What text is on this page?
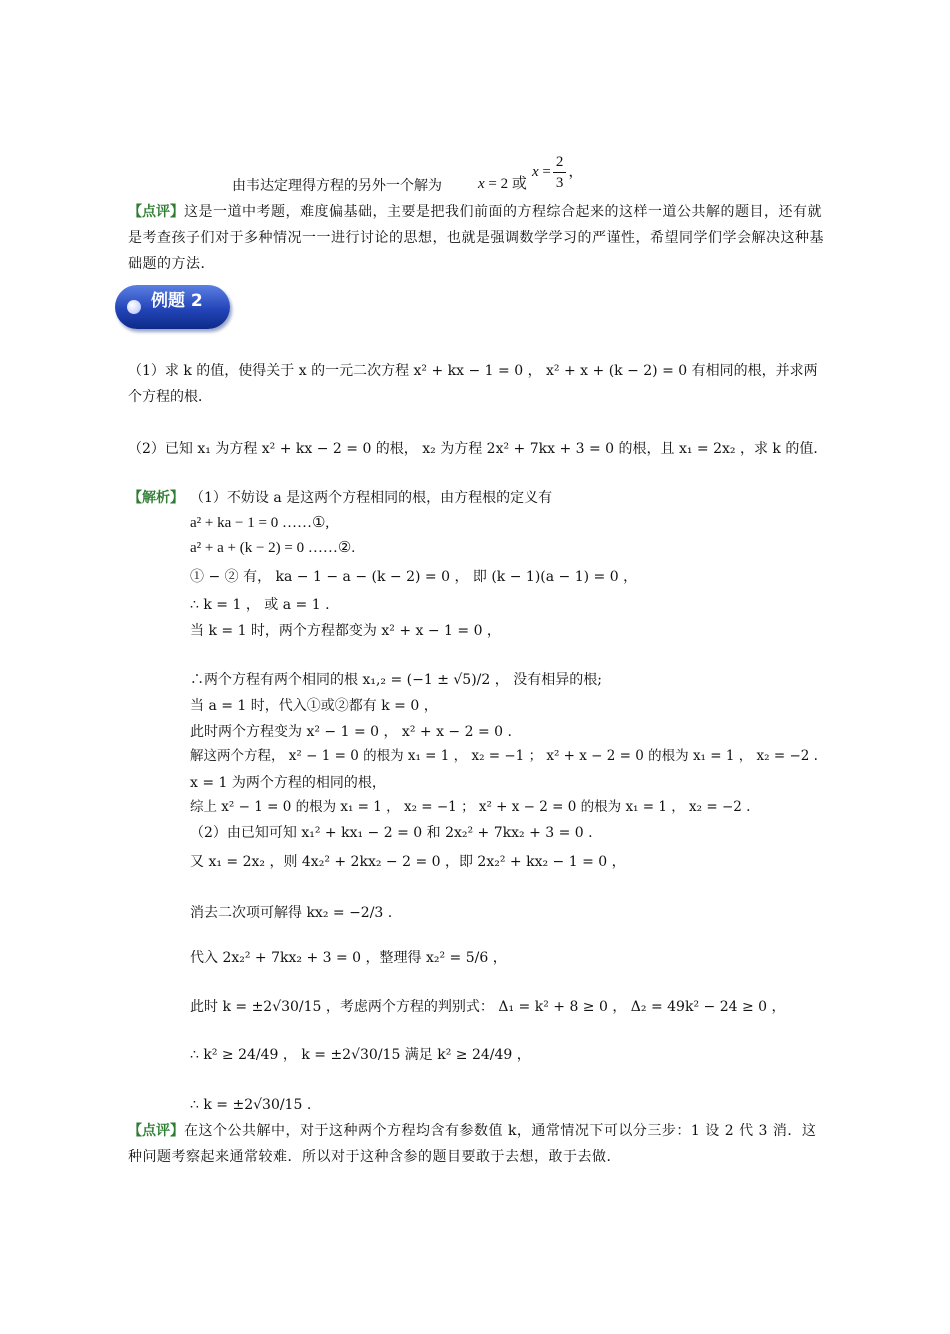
由韦达定理得方程的另外一个解为 x = 2 或
$x = \frac{2}{3}$ ，
【点评】这是一道中考题，难度偏基础，主要是把我们前面的方程综合起来的这样一道公共解的题目，还有就是考查孩子们对于多种情况一一进行讨论的思想，也就是强调数学学习的严谨性，希望同学们学会解决这种基础题的方法．
例题 2
（1）求 k 的值，使得关于 x 的一元二次方程 x² + kx − 1 = 0 ， x² + x + (k − 2) = 0 有相同的根，并求两个方程的根．
（2）已知 x₁ 为方程 x² + kx − 2 = 0 的根， x₂ 为方程 2x² + 7kx + 3 = 0 的根，且 x₁ = 2x₂ ，求 k 的值．
【解析】 （1）不妨设 a 是这两个方程相同的根，由方程根的定义有
a² + ka − 1 = 0 ……①,
a² + a + (k − 2) = 0 ……②.
① − ② 有， ka − 1 − a − (k − 2) = 0 ， 即 (k − 1)(a − 1) = 0 ，
∴ k = 1 ， 或 a = 1 .
当 k = 1 时，两个方程都变为 x² + x − 1 = 0 ，
∴两个方程有两个相同的根 x₁,₂ = (−1 ± √5)/2 ， 没有相异的根;
当 a = 1 时，代入①或②都有 k = 0 ，
此时两个方程变为 x² − 1 = 0 ， x² + x − 2 = 0 .
解这两个方程， x² − 1 = 0 的根为 x₁ = 1 ， x₂ = −1 ； x² + x − 2 = 0 的根为 x₁ = 1 ， x₂ = −2 .
x = 1 为两个方程的相同的根，
综上 x² − 1 = 0 的根为 x₁ = 1 ， x₂ = −1 ； x² + x − 2 = 0 的根为 x₁ = 1 ， x₂ = −2 .
（2）由已知可知 x₁² + kx₁ − 2 = 0 和 2x₂² + 7kx₂ + 3 = 0 .
又 x₁ = 2x₂ ，则 4x₂² + 2kx₂ − 2 = 0 ，即 2x₂² + kx₂ − 1 = 0 ，
消去二次项可解得 kx₂ = −2/3 .
代入 2x₂² + 7kx₂ + 3 = 0 ，整理得 x₂² = 5/6 ，
此时 k = ±2√30/15 ，考虑两个方程的判别式： Δ₁ = k² + 8 ≥ 0 ， Δ₂ = 49k² − 24 ≥ 0 ，
∴ k² ≥ 24/49 ， k = ±2√30/15 满足 k² ≥ 24/49 ，
∴ k = ±2√30/15 .
【点评】在这个公共解中，对于这种两个方程均含有参数值 k，通常情况下可以分三步：1 设 2 代 3 消．这种问题考察起来通常较难．所以对于这种含参的题目要敢于去想，敢于去做．
